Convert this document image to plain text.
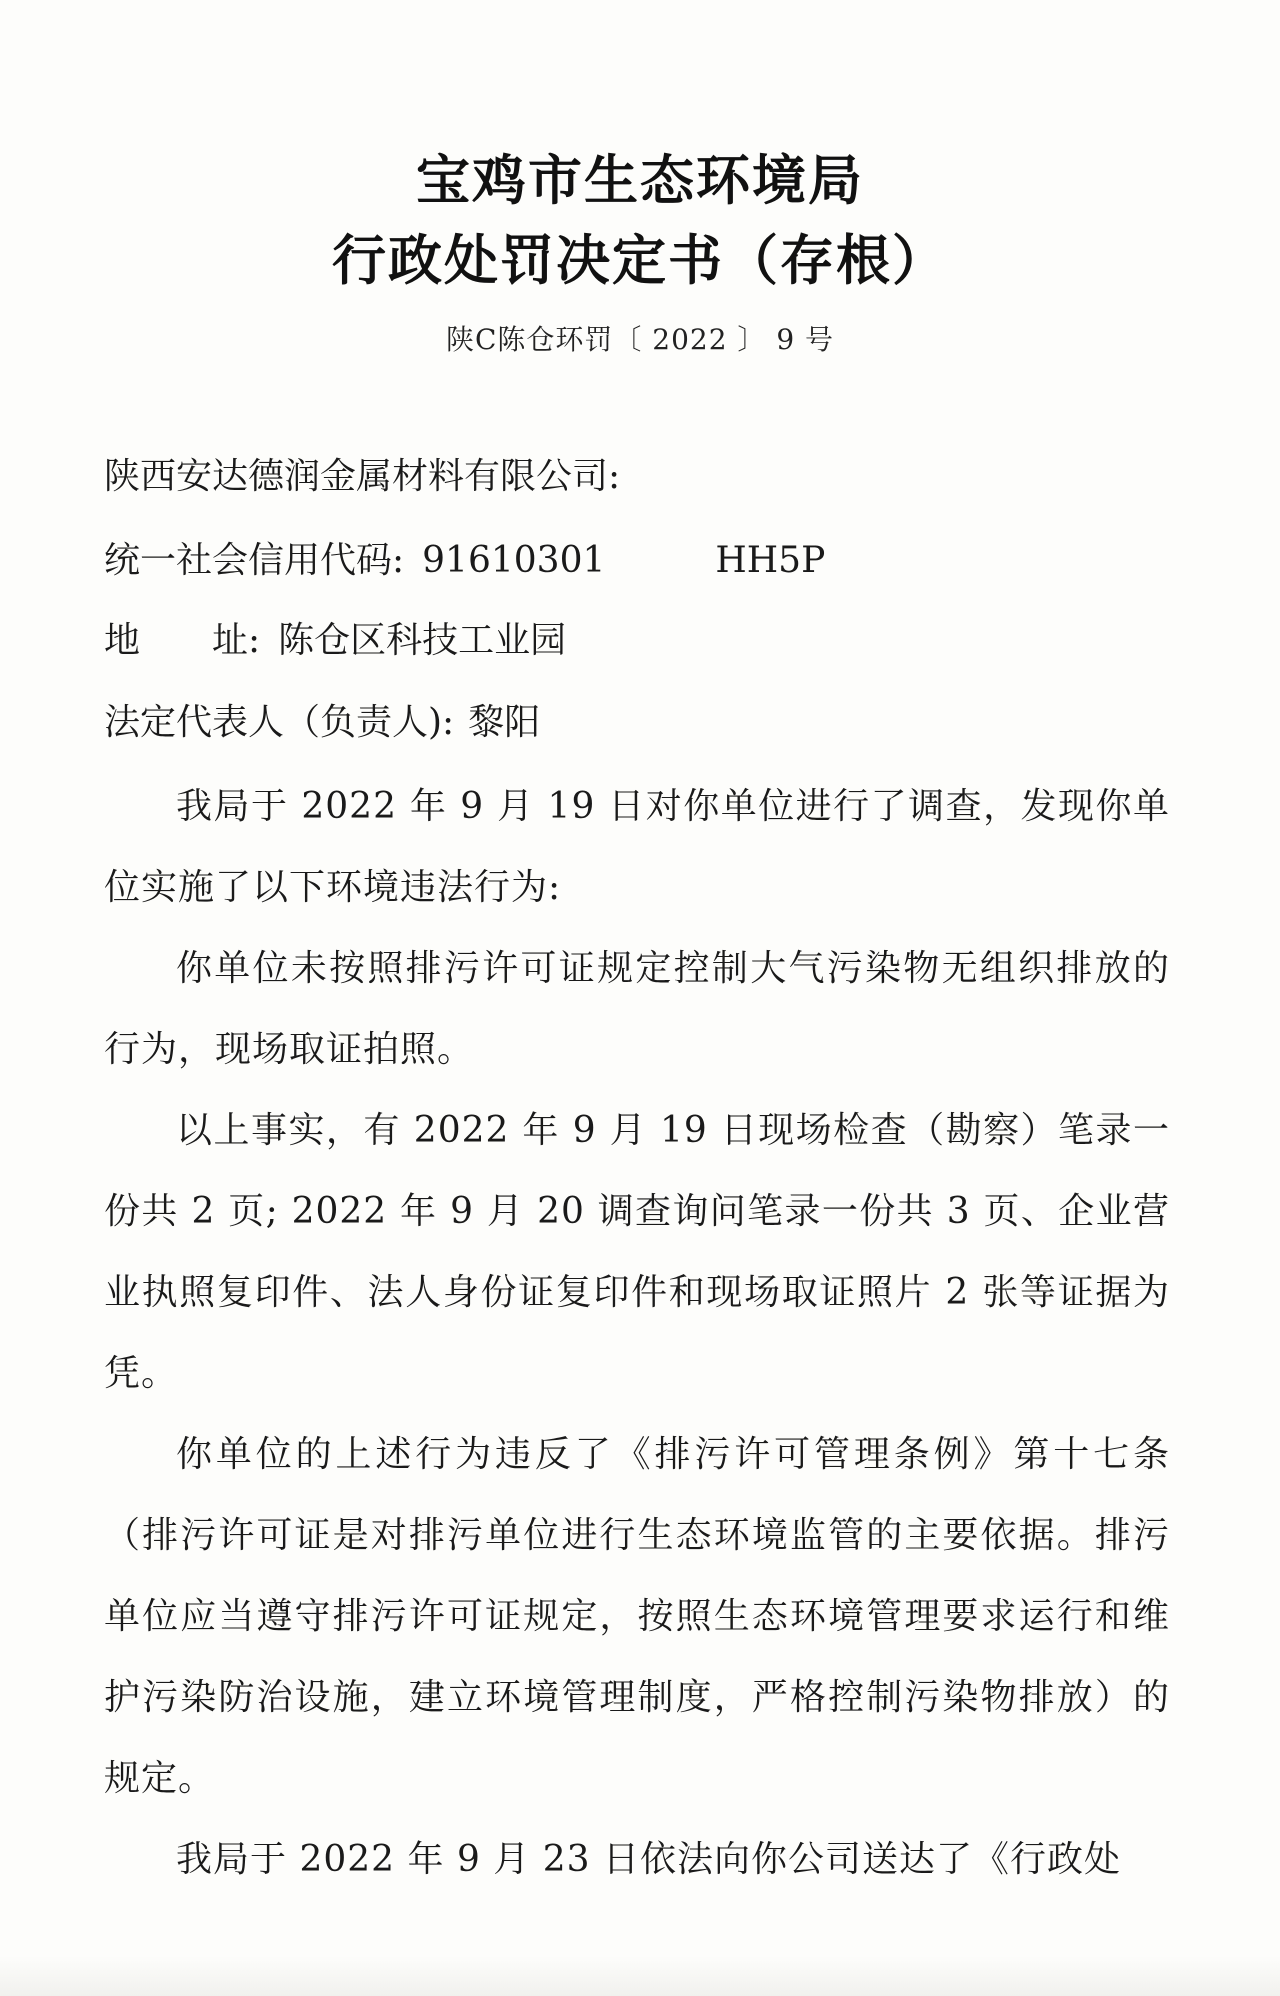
宝鸡市生态环境局
行政处罚决定书（存根）
陕C陈仓环罚〔 2022 〕 9 号
陕西安达德润金属材料有限公司:
统一社会信用代码: 91610301	HH5P
地 址: 陈仓区科技工业园
法定代表人（负责人): 黎阳

我局于 2022 年 9 月 19 日对你单位进行了调查，发现你单位实施了以下环境违法行为:

你单位未按照排污许可证规定控制大气污染物无组织排放的行为，现场取证拍照。

以上事实，有 2022 年 9 月 19 日现场检查（勘察）笔录一份共 2 页; 2022 年 9 月 20 调查询问笔录一份共 3 页、企业营业执照复印件、法人身份证复印件和现场取证照片 2 张等证据为凭。

你单位的上述行为违反了《排污许可管理条例》第十七条（排污许可证是对排污单位进行生态环境监管的主要依据。排污单位应当遵守排污许可证规定，按照生态环境管理要求运行和维护污染防治设施，建立环境管理制度，严格控制污染物排放）的规定。

我局于 2022 年 9 月 23 日依法向你公司送达了《行政处
